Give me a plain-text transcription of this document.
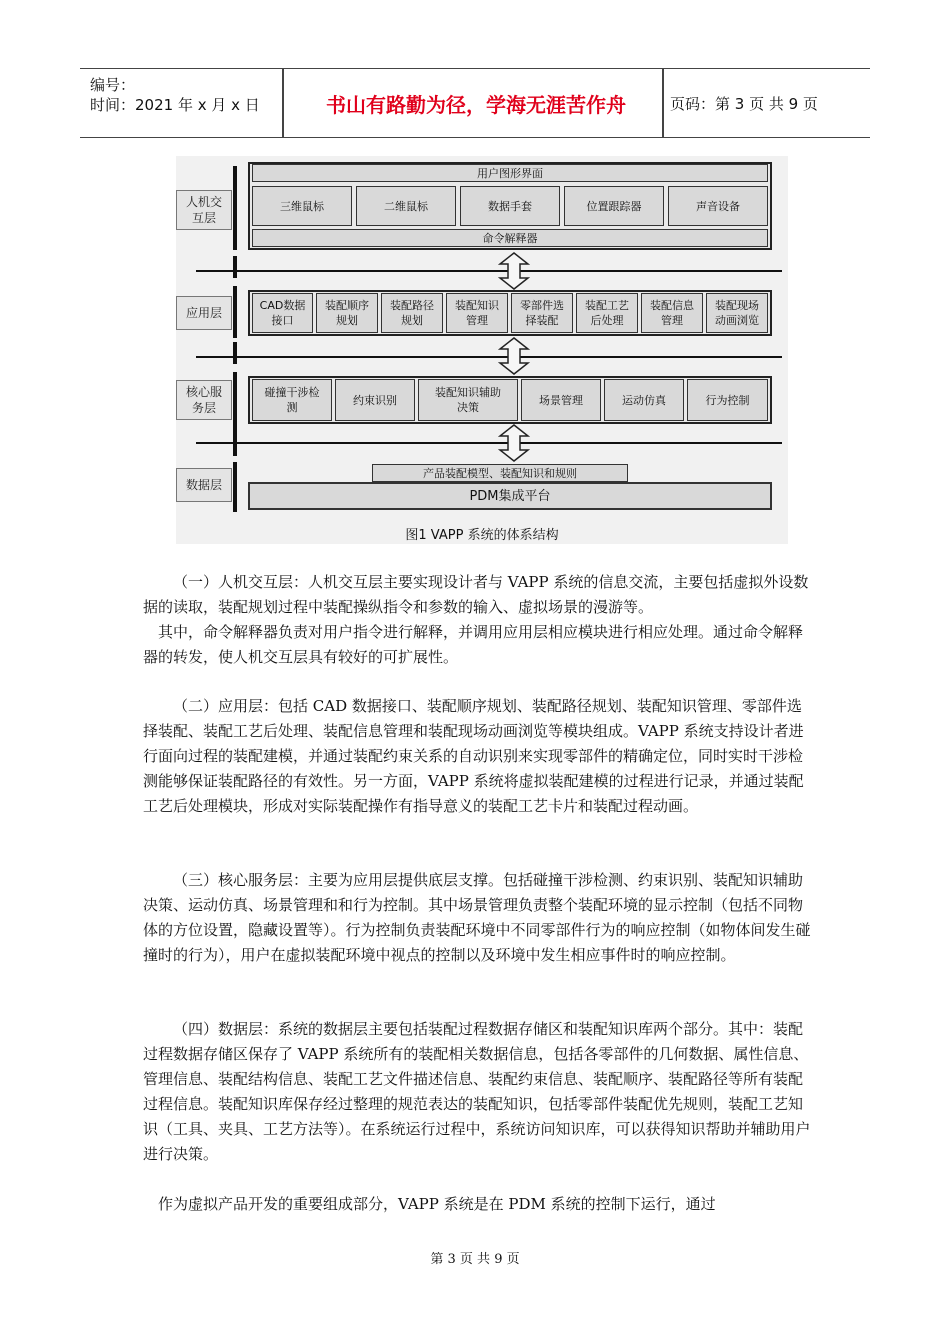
编号：
时间：2021 年 x 月 x 日	书山有路勤为径，学海无涯苦作舟	页码：第 3 页 共 9 页
人机交
互层
应用层
核心服
务层
数据层
用户图形界面
三维鼠标	二维鼠标	数据手套	位置跟踪器	声音设备
命令解释器
CAD数据
接口
装配顺序
规划
装配路径
规划
装配知识
管理
零部件选
择装配
装配工艺
后处理
装配信息
管理
装配现场
动画浏览
碰撞干涉检
测
约束识别
装配知识辅助
决策
场景管理	运动仿真	行为控制
产品装配模型、装配知识和规则
PDM集成平台
图1 VAPP 系统的体系结构

（一）人机交互层：人机交互层主要实现设计者与 VAPP 系统的信息交流，主要包括虚拟外设数据的读取，装配规划过程中装配操纵指令和参数的输入、虚拟场景的漫游等。

其中，命令解释器负责对用户指令进行解释，并调用应用层相应模块进行相应处理。通过命令解释器的转发，使人机交互层具有较好的可扩展性。

（二）应用层：包括 CAD 数据接口、装配顺序规划、装配路径规划、装配知识管理、零部件选择装配、装配工艺后处理、装配信息管理和装配现场动画浏览等模块组成。VAPP 系统支持设计者进行面向过程的装配建模，并通过装配约束关系的自动识别来实现零部件的精确定位，同时实时干涉检测能够保证装配路径的有效性。另一方面，VAPP 系统将虚拟装配建模的过程进行记录，并通过装配工艺后处理模块，形成对实际装配操作有指导意义的装配工艺卡片和装配过程动画。

（三）核心服务层：主要为应用层提供底层支撑。包括碰撞干涉检测、约束识别、装配知识辅助决策、运动仿真、场景管理和和行为控制。其中场景管理负责整个装配环境的显示控制（包括不同物体的方位设置，隐藏设置等）。行为控制负责装配环境中不同零部件行为的响应控制（如物体间发生碰撞时的行为），用户在虚拟装配环境中视点的控制以及环境中发生相应事件时的响应控制。

（四）数据层：系统的数据层主要包括装配过程数据存储区和装配知识库两个部分。其中：装配过程数据存储区保存了 VAPP 系统所有的装配相关数据信息，包括各零部件的几何数据、属性信息、管理信息、装配结构信息、装配工艺文件描述信息、装配约束信息、装配顺序、装配路径等所有装配过程信息。装配知识库保存经过整理的规范表达的装配知识，包括零部件装配优先规则，装配工艺知识（工具、夹具、工艺方法等）。在系统运行过程中，系统访问知识库，可以获得知识帮助并辅助用户进行决策。

作为虚拟产品开发的重要组成部分，VAPP 系统是在 PDM 系统的控制下运行，通过

第 3 页 共 9 页
